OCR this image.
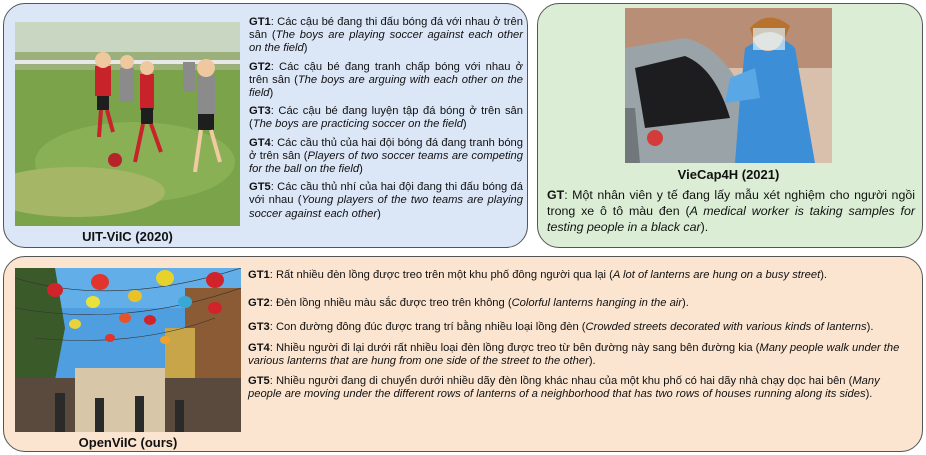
UIT-ViIC (2020)
GT1: Các cậu bé đang thi đấu bóng đá với nhau ở trên sân (The boys are playing soccer against each other on the field)
GT2: Các cậu bé đang tranh chấp bóng với nhau ở trên sân (The boys are arguing with each other on the field)
GT3: Các cậu bé đang luyện tập đá bóng ở trên sân (The boys are practicing soccer on the field)
GT4: Các cầu thủ của hai đội bóng đá đang tranh bóng ở trên sân (Players of two soccer teams are competing for the ball on the field)
GT5: Các cầu thủ nhí của hai đội đang thi đấu bóng đá với nhau (Young players of the two teams are playing soccer against each other)
VieCap4H (2021)
GT: Một nhân viên y tế đang lấy mẫu xét nghiệm cho người ngồi trong xe ô tô màu đen (A medical worker is taking samples for testing people in a black car).
OpenViIC (ours)
GT1: Rất nhiều đèn lồng được treo trên một khu phố đông người qua lại (A lot of lanterns are hung on a busy street).
GT2: Đèn lồng nhiều màu sắc được treo trên không (Colorful lanterns hanging in the air).
GT3: Con đường đông đúc được trang trí bằng nhiều loại lồng đèn (Crowded streets decorated with various kinds of lanterns).
GT4: Nhiều người đi lại dưới rất nhiều loại đèn lồng được treo từ bên đường này sang bên đường kia (Many people walk under the various lanterns that are hung from one side of the street to the other).
GT5: Nhiều người đang di chuyển dưới nhiều dãy đèn lồng khác nhau của một khu phố có hai dãy nhà chạy dọc hai bên (Many people are moving under the different rows of lanterns of a neighborhood that has two rows of houses running along its sides).
